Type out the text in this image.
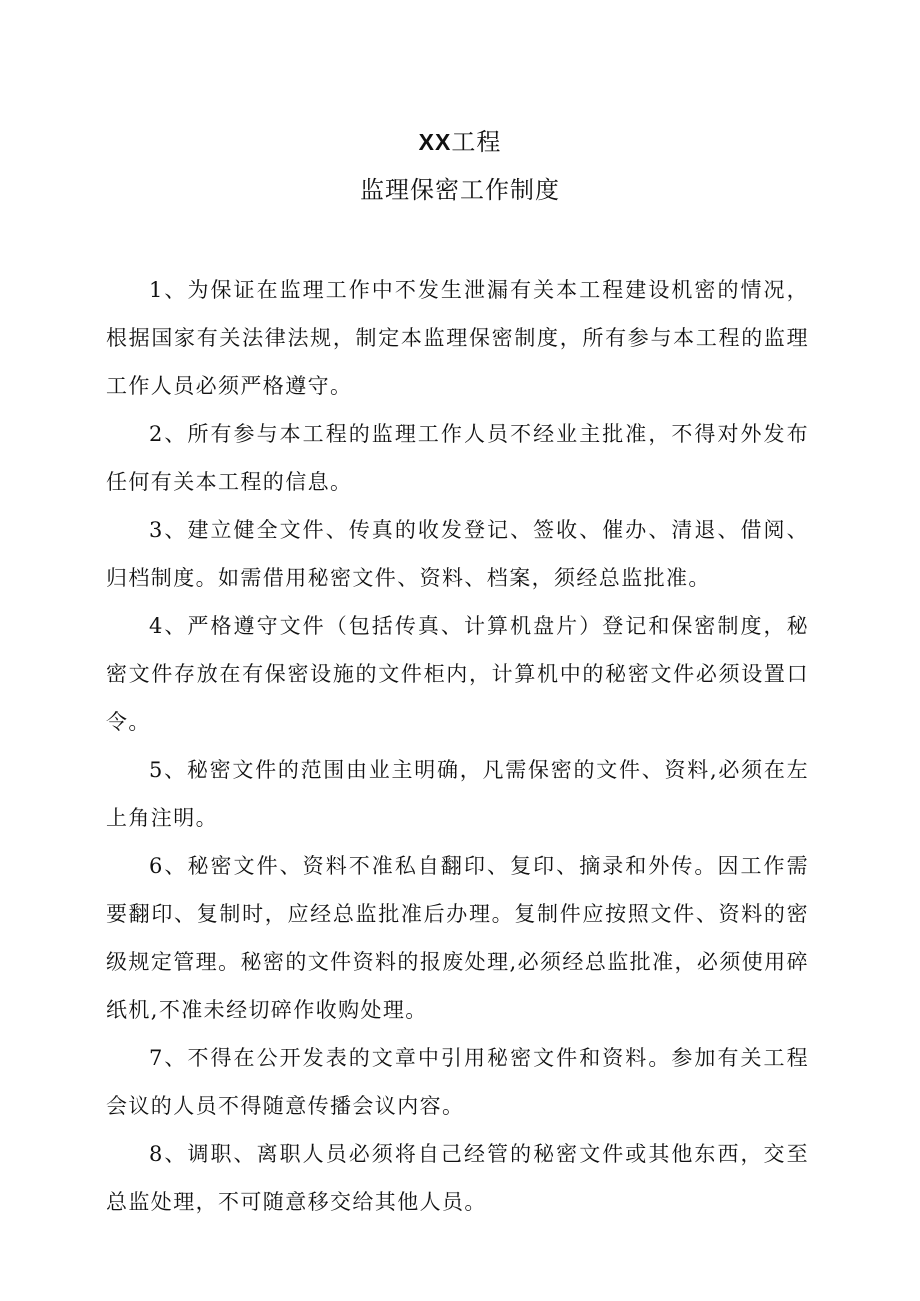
XX工程
监理保密工作制度

1、为保证在监理工作中不发生泄漏有关本工程建设机密的情况，根据国家有关法律法规，制定本监理保密制度，所有参与本工程的监理工作人员必须严格遵守。

2、所有参与本工程的监理工作人员不经业主批准，不得对外发布任何有关本工程的信息。

3、建立健全文件、传真的收发登记、签收、催办、清退、借阅、归档制度。如需借用秘密文件、资料、档案，须经总监批准。

4、严格遵守文件（包括传真、计算机盘片）登记和保密制度，秘密文件存放在有保密设施的文件柜内，计算机中的秘密文件必须设置口令。

5、秘密文件的范围由业主明确，凡需保密的文件、资料,必须在左上角注明。

6、秘密文件、资料不准私自翻印、复印、摘录和外传。因工作需要翻印、复制时，应经总监批准后办理。复制件应按照文件、资料的密级规定管理。秘密的文件资料的报废处理,必须经总监批准，必须使用碎纸机,不准未经切碎作收购处理。

7、不得在公开发表的文章中引用秘密文件和资料。参加有关工程会议的人员不得随意传播会议内容。

8、调职、离职人员必须将自己经管的秘密文件或其他东西，交至总监处理，不可随意移交给其他人员。
